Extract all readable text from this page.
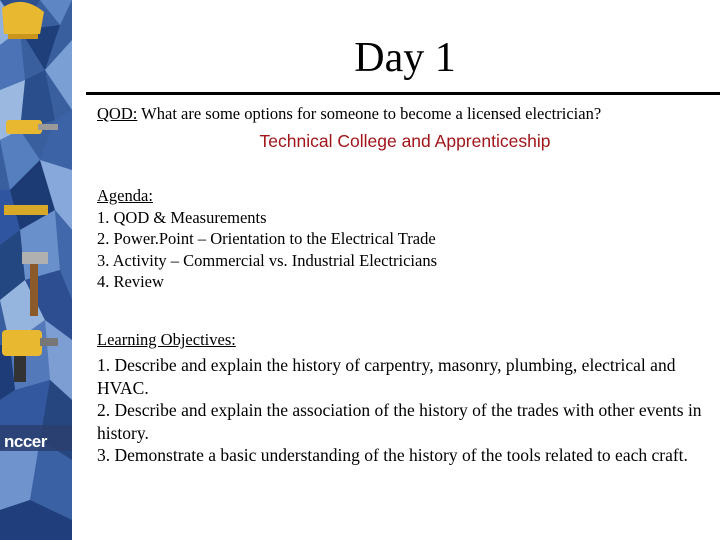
nccer
Day 1
QOD: What are some options for someone to become a licensed electrician?
Technical College and Apprenticeship
Agenda:
1. QOD & Measurements
2. Power.Point – Orientation to the Electrical Trade
3. Activity – Commercial vs. Industrial Electricians
4. Review
Learning Objectives:
1. Describe and explain the history of carpentry, masonry, plumbing, electrical and HVAC.
2. Describe and explain the association of the history of the trades with other events in history.
3. Demonstrate a basic understanding of the history of the tools related to each craft.
